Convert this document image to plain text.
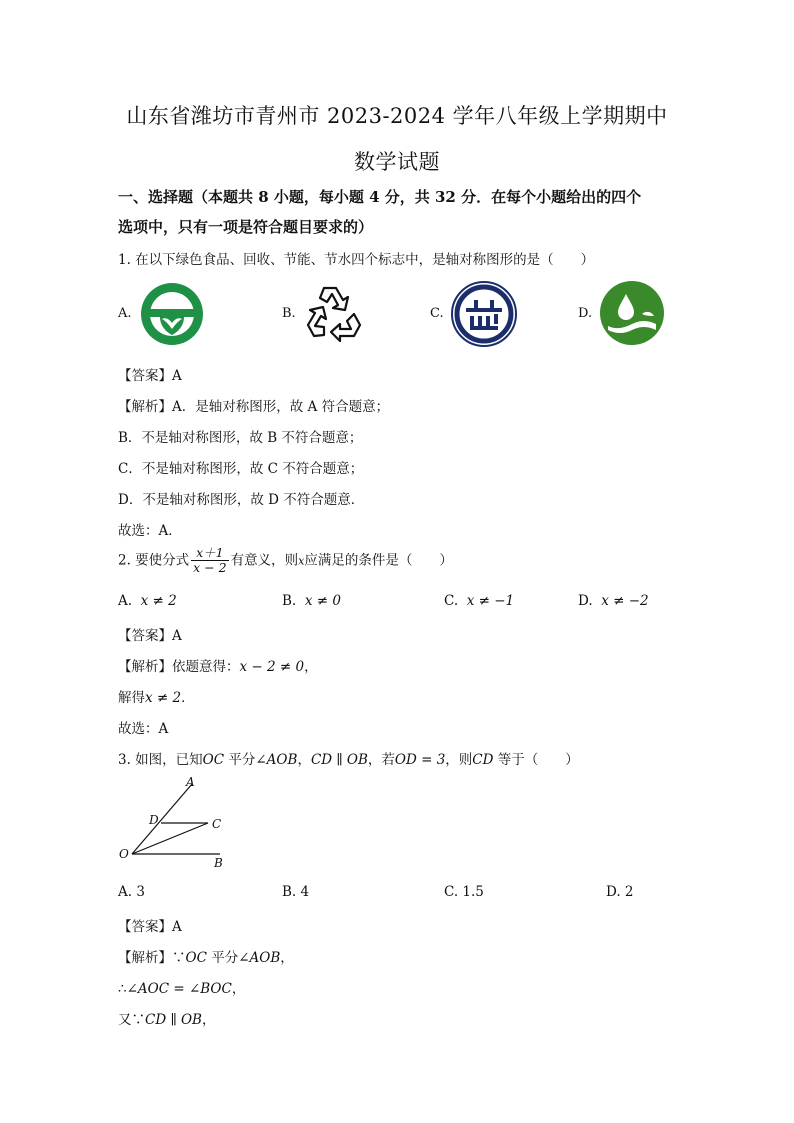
山东省潍坊市青州市 2023-2024 学年八年级上学期期中
数学试题
一、选择题（本题共 8 小题，每小题 4 分，共 32 分．在每个小题给出的四个
选项中，只有一项是符合题目要求的）
1. 在以下绿色食品、回收、节能、节水四个标志中，是轴对称图形的是（　　）
A.	B.	C.	D.
【答案】A
【解析】A．是轴对称图形，故 A 符合题意；
B．不是轴对称图形，故 B 不符合题意；
C．不是轴对称图形，故 C 不符合题意；
D．不是轴对称图形，故 D 不符合题意．
故选：A．
2. 要使分式 $\frac{x+1}{x - 2}$ 有意义，则x应满足的条件是（　　）
A. x ≠ 2	B. x ≠ 0	C. x ≠ −1	D. x ≠ −2
【答案】A
【解析】依题意得：x − 2 ≠ 0，
解得x ≠ 2．
故选：A
3. 如图，已知OC 平分∠AOB，CD ∥ OB，若OD = 3，则CD 等于（　　）
A
D	C
O
B
A. 3	B. 4	C. 1.5	D. 2
【答案】A
【解析】∵OC 平分∠AOB，
∴∠AOC = ∠BOC，
又∵CD ∥ OB，
